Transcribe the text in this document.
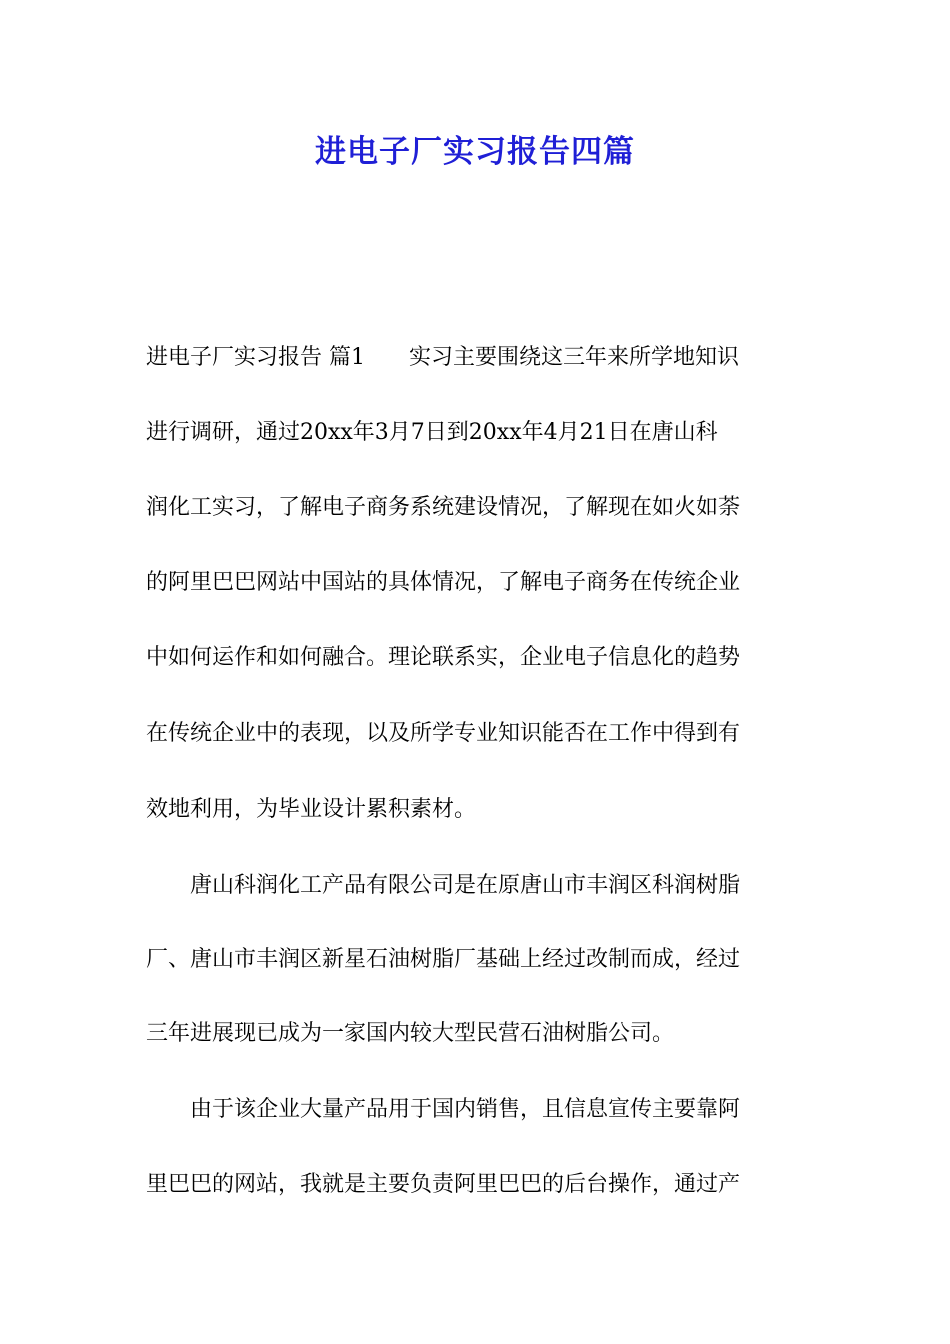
进电子厂实习报告四篇
进电子厂实习报告 篇1　　实习主要围绕这三年来所学地知识
进行调研，通过20xx年3月7日到20xx年4月21日在唐山科
润化工实习，了解电子商务系统建设情况，了解现在如火如荼
的阿里巴巴网站中国站的具体情况，了解电子商务在传统企业
中如何运作和如何融合。理论联系实，企业电子信息化的趋势
在传统企业中的表现，以及所学专业知识能否在工作中得到有
效地利用，为毕业设计累积素材。
　　唐山科润化工产品有限公司是在原唐山市丰润区科润树脂
厂、唐山市丰润区新星石油树脂厂基础上经过改制而成，经过
三年进展现已成为一家国内较大型民营石油树脂公司。
　　由于该企业大量产品用于国内销售，且信息宣传主要靠阿
里巴巴的网站，我就是主要负责阿里巴巴的后台操作，通过产
